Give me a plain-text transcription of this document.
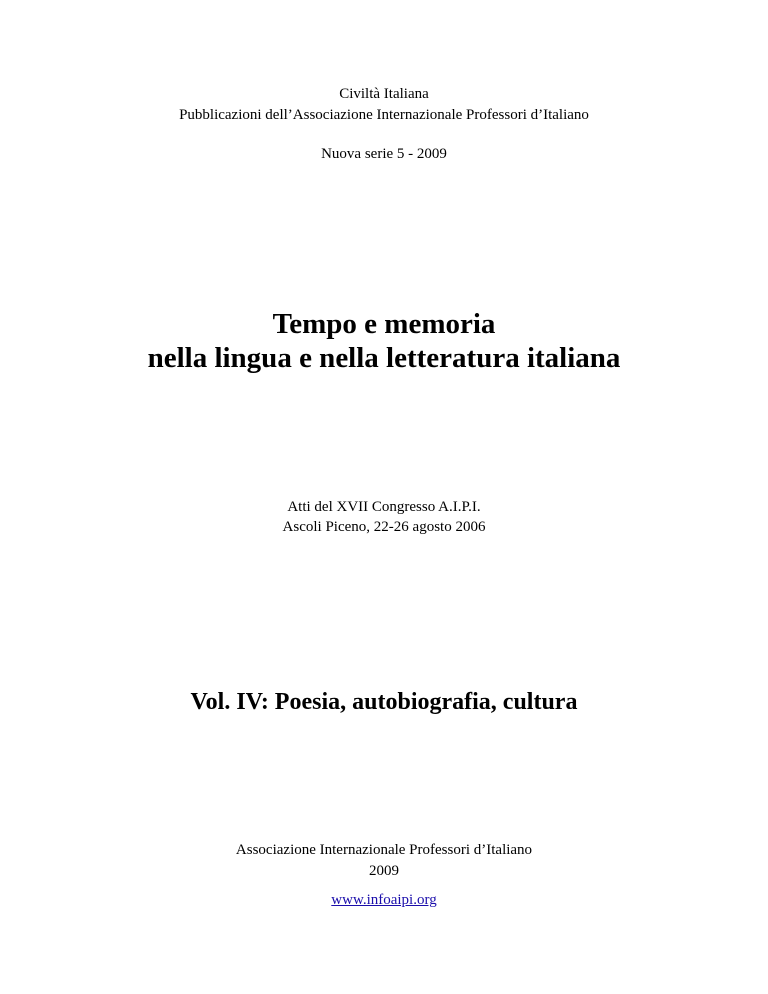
Civiltà Italiana
Pubblicazioni dell’Associazione Internazionale Professori d’Italiano
Nuova serie 5 - 2009
Tempo e memoria
nella lingua e nella letteratura italiana
Atti del XVII Congresso A.I.P.I.
Ascoli Piceno, 22-26 agosto 2006
Vol. IV: Poesia, autobiografia, cultura
Associazione Internazionale Professori d’Italiano
2009
www.infoaipi.org
